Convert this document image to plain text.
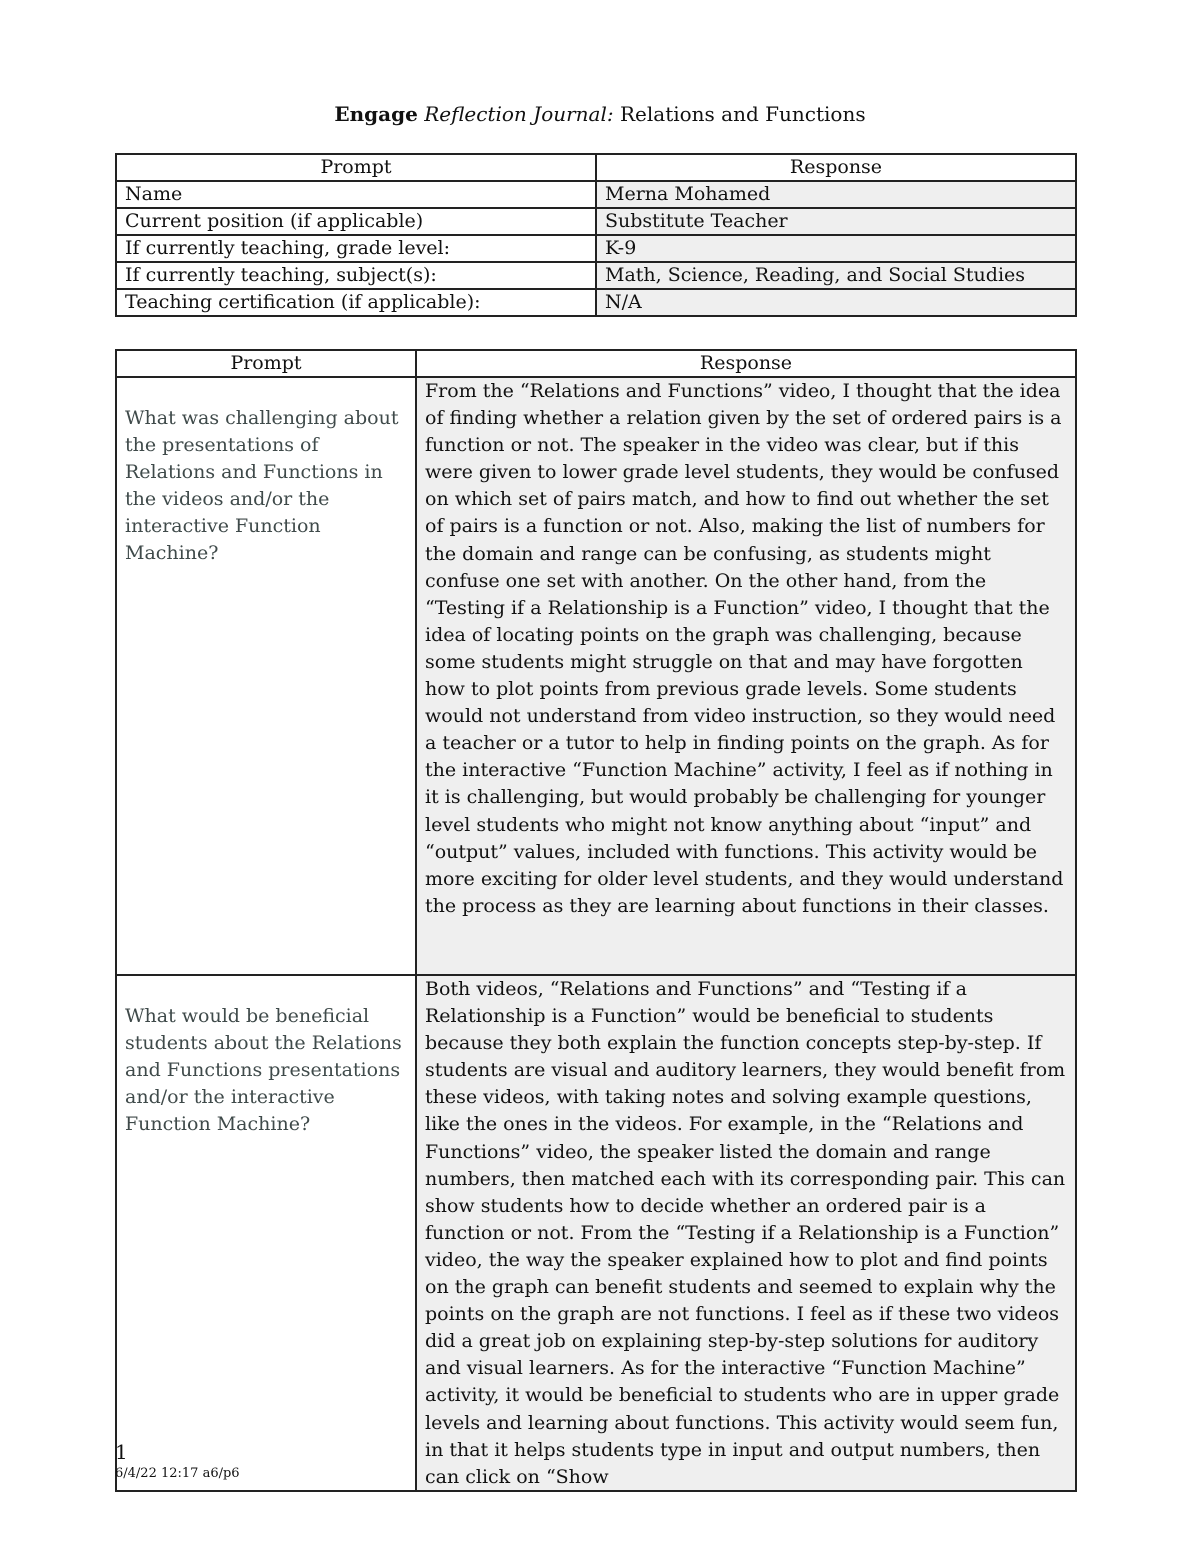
Engage Reflection Journal: Relations and Functions
Prompt	Response
Name	Merna Mohamed
Current position (if applicable)	Substitute Teacher
If currently teaching, grade level:	K-9
If currently teaching, subject(s):	Math, Science, Reading, and Social Studies
Teaching certification (if applicable):	N/A
Prompt	Response
What was challenging about the presentations of Relations and Functions in the videos and/or the interactive Function Machine?	From the “Relations and Functions” video, I thought that the idea of finding whether a relation given by the set of ordered pairs is a function or not. The speaker in the video was clear, but if this were given to lower grade level students, they would be confused on which set of pairs match, and how to find out whether the set of pairs is a function or not. Also, making the list of numbers for the domain and range can be confusing, as students might confuse one set with another. On the other hand, from the “Testing if a Relationship is a Function” video, I thought that the idea of locating points on the graph was challenging, because some students might struggle on that and may have forgotten how to plot points from previous grade levels. Some students would not understand from video instruction, so they would need a teacher or a tutor to help in finding points on the graph. As for the interactive “Function Machine” activity, I feel as if nothing in it is challenging, but would probably be challenging for younger level students who might not know anything about “input” and “output” values, included with functions. This activity would be more exciting for older level students, and they would understand the process as they are learning about functions in their classes.
What would be beneficial students about the Relations and Functions presentations and/or the interactive Function Machine?	Both videos, “Relations and Functions” and “Testing if a Relationship is a Function” would be beneficial to students because they both explain the function concepts step-by-step. If students are visual and auditory learners, they would benefit from these videos, with taking notes and solving example questions, like the ones in the videos. For example, in the “Relations and Functions” video, the speaker listed the domain and range numbers, then matched each with its corresponding pair. This can show students how to decide whether an ordered pair is a function or not. From the “Testing if a Relationship is a Function” video, the way the speaker explained how to plot and find points on the graph can benefit students and seemed to explain why the points on the graph are not functions. I feel as if these two videos did a great job on explaining step-by-step solutions for auditory and visual learners. As for the interactive “Function Machine” activity, it would be beneficial to students who are in upper grade levels and learning about functions. This activity would seem fun, in that it helps students type in input and output numbers, then can click on “Show
1
6/4/22 12:17 a6/p6
